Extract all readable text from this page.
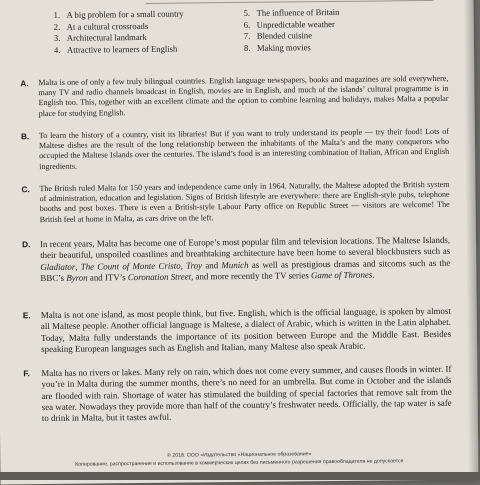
1. A big problem for a small country	5. The influence of Britain
2. At a cultural crossroads	6. Unpredictable weather
3. Architectural landmark	7. Blended cuisine
4. Attractive to learners of English	8. Making movies
A. Malta is one of only a few truly bilingual countries. English language newspapers, books and magazines are sold everywhere, many TV and radio channels broadcast in English, movies are in English, and much of the islands’ cultural programme is in English too. This, together with an excellent climate and the option to combine learning and holidays, makes Malta a popular place for studying English.
B. To learn the history of a country, visit its libraries! But if you want to truly understand its people — try their food! Lots of Maltese dishes are the result of the long relationship between the inhabitants of the Malta’s and the many conquerors who occupied the Maltese Islands over the centuries. The island’s food is an interesting combination of Italian, African and English ingredients.
C. The British ruled Malta for 150 years and independence came only in 1964. Naturally, the Maltese adopted the British system of administration, education and legislation. Signs of British lifestyle are everywhere: there are English-style pubs, telephone booths and post boxes. There is even a British-style Labour Party office on Republic Street — visitors are welcome! The British feel at home in Malta, as cars drive on the left.
D. In recent years, Malta has become one of Europe’s most popular film and television locations. The Maltese Islands, their beautiful, unspoiled coastlines and breathtaking architecture have been home to several blockbusters such as Gladiator, The Count of Monte Cristo, Troy and Munich as well as prestigious dramas and sitcoms such as the BBC’s Byron and ITV’s Coronation Street, and more recently the TV series Game of Thrones.
E. Malta is not one island, as most people think, but five. English, which is the official language, is spoken by almost all Maltese people. Another official language is Maltese, a dialect of Arabic, which is written in the Latin alphabet. Today, Malta fully understands the importance of its position between Europe and the Middle East. Besides speaking European languages such as English and Italian, many Maltese also speak Arabic.
F. Malta has no rivers or lakes. Many rely on rain, which does not come every summer, and causes floods in winter. If you’re in Malta during the summer months, there’s no need for an umbrella. But come in October and the islands are flooded with rain. Shortage of water has stimulated the building of special factories that remove salt from the sea water. Nowadays they provide more than half of the country’s freshwater needs. Officially, the tap water is safe to drink in Malta, but it tastes awful.
© 2018. ООО «Издательство «Национальное образование»
Копирование, распространение и использование в коммерческих целях без письменного разрешения правообладателя не допускается
